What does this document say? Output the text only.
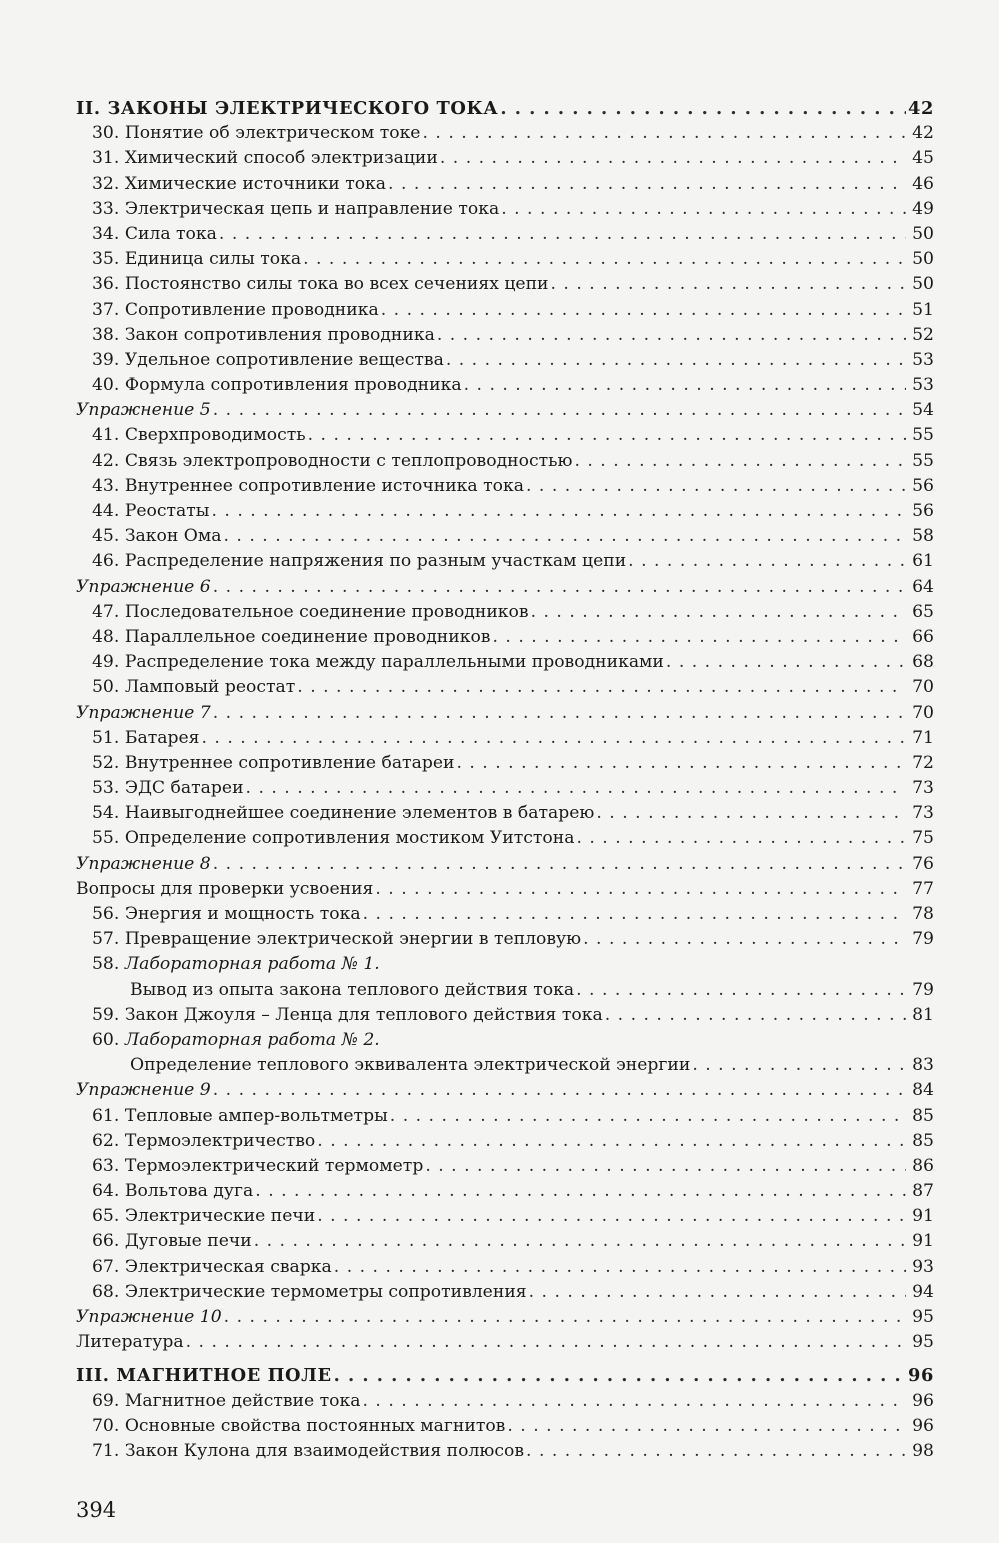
II. ЗАКОНЫ ЭЛЕКТРИЧЕСКОГО ТОКА . . .	42
30. Понятие об электрическом токе . . .	42
31. Химический способ электризации . . .	45
32. Химические источники тока . . .	46
33. Электрическая цепь и направление тока . . .	49
34. Сила тока . . .	50
35. Единица силы тока . . .	50
36. Постоянство силы тока во всех сечениях цепи . . .	50
37. Сопротивление проводника . . .	51
38. Закон сопротивления проводника . . .	52
39. Удельное сопротивление вещества . . .	53
40. Формула сопротивления проводника . . .	53
Упражнение 5 . . .	54
41. Сверхпроводимость . . .	55
42. Связь электропроводности с теплопроводностью . . .	55
43. Внутреннее сопротивление источника тока . . .	56
44. Реостаты . . .	56
45. Закон Ома . . .	58
46. Распределение напряжения по разным участкам цепи . . .	61
Упражнение 6 . . .	64
47. Последовательное соединение проводников . . .	65
48. Параллельное соединение проводников . . .	66
49. Распределение тока между параллельными проводниками . . .	68
50. Ламповый реостат . . .	70
Упражнение 7 . . .	70
51. Батарея . . .	71
52. Внутреннее сопротивление батареи . . .	72
53. ЭДС батареи . . .	73
54. Наивыгоднейшее соединение элементов в батарею . . .	73
55. Определение сопротивления мостиком Уитстона . . .	75
Упражнение 8 . . .	76
Вопросы для проверки усвоения . . .	77
56. Энергия и мощность тока . . .	78
57. Превращение электрической энергии в тепловую . . .	79
58. Лабораторная работа № 1.
Вывод из опыта закона теплового действия тока . . .	79
59. Закон Джоуля – Ленца для теплового действия тока . . .	81
60. Лабораторная работа № 2.
Определение теплового эквивалента электрической энергии . . .	83
Упражнение 9 . . .	84
61. Тепловые ампер-вольтметры . . .	85
62. Термоэлектричество . . .	85
63. Термоэлектрический термометр . . .	86
64. Вольтова дуга . . .	87
65. Электрические печи . . .	91
66. Дуговые печи . . .	91
67. Электрическая сварка . . .	93
68. Электрические термометры сопротивления . . .	94
Упражнение 10 . . .	95
Литература . . .	95
III. МАГНИТНОЕ ПОЛЕ . . .	96
69. Магнитное действие тока . . .	96
70. Основные свойства постоянных магнитов . . .	96
71. Закон Кулона для взаимодействия полюсов . . .	98
394
